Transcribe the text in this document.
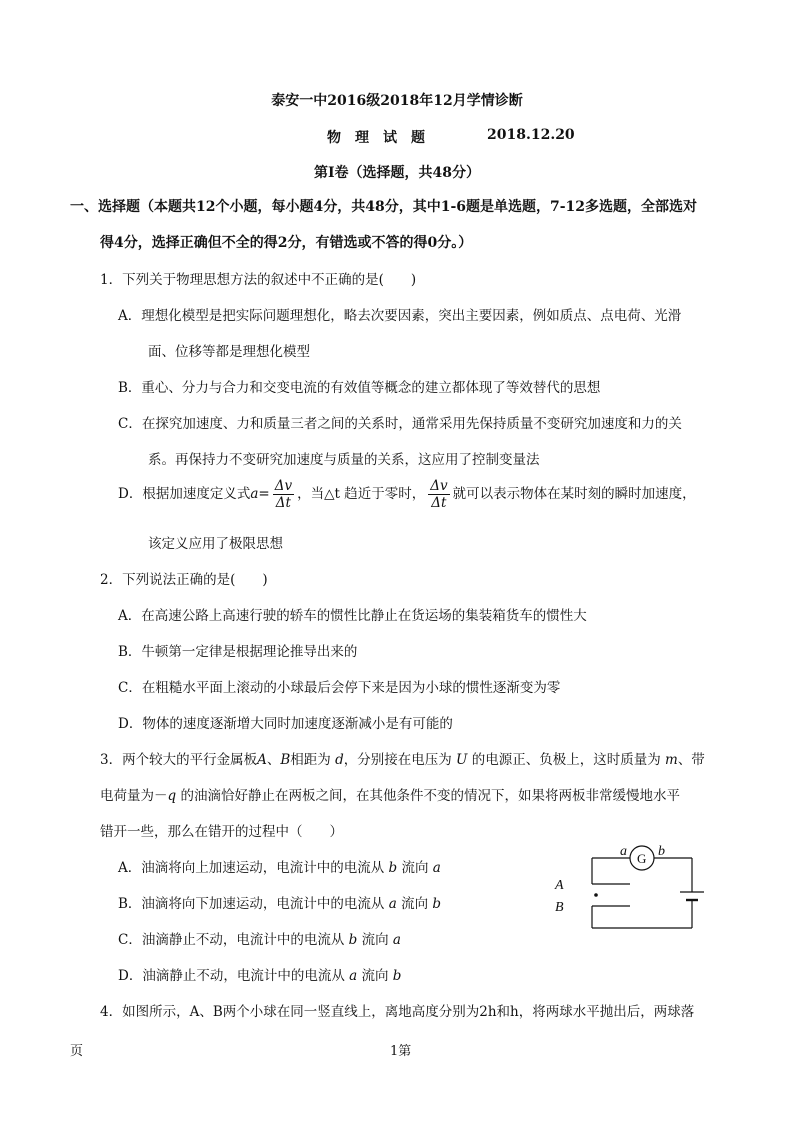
泰安一中2016级2018年12月学情诊断
物　理　试　题	2018.12.20
第Ⅰ卷（选择题，共48分）
一、选择题（本题共12个小题，每小题4分，共48分，其中1-6题是单选题，7-12多选题，全部选对
得4分，选择正确但不全的得2分，有错选或不答的得0分。）
1．下列关于物理思想方法的叙述中不正确的是(　　)
A．理想化模型是把实际问题理想化，略去次要因素，突出主要因素，例如质点、点电荷、光滑
面、位移等都是理想化模型
B．重心、分力与合力和交变电流的有效值等概念的建立都体现了等效替代的思想
C．在探究加速度、力和质量三者之间的关系时，通常采用先保持质量不变研究加速度和力的关
系。再保持力不变研究加速度与质量的关系，这应用了控制变量法
D．根据加速度定义式$a= \frac{\Delta v}{\Delta t}$ ，当△t 趋近于零时， $\frac{\Delta v}{\Delta t}$ 就可以表示物体在某时刻的瞬时加速度，
该定义应用了极限思想
2．下列说法正确的是(　　)
A．在高速公路上高速行驶的轿车的惯性比静止在货运场的集装箱货车的惯性大
B．牛顿第一定律是根据理论推导出来的
C．在粗糙水平面上滚动的小球最后会停下来是因为小球的惯性逐渐变为零
D．物体的速度逐渐增大同时加速度逐渐减小是有可能的
3．两个较大的平行金属板A、B相距为 d，分别接在电压为 U 的电源正、负极上，这时质量为 m、带
电荷量为－q 的油滴恰好静止在两板之间，在其他条件不变的情况下，如果将两板非常缓慢地水平
错开一些，那么在错开的过程中（　　）
A．油滴将向上加速运动，电流计中的电流从 b 流向 a
B．油滴将向下加速运动，电流计中的电流从 a 流向 b
C．油滴静止不动，电流计中的电流从 b 流向 a
D．油滴静止不动，电流计中的电流从 a 流向 b
a G b
A
B
4．如图所示，A、B两个小球在同一竖直线上，离地高度分别为2h和h，将两球水平抛出后，两球落
页	1第
